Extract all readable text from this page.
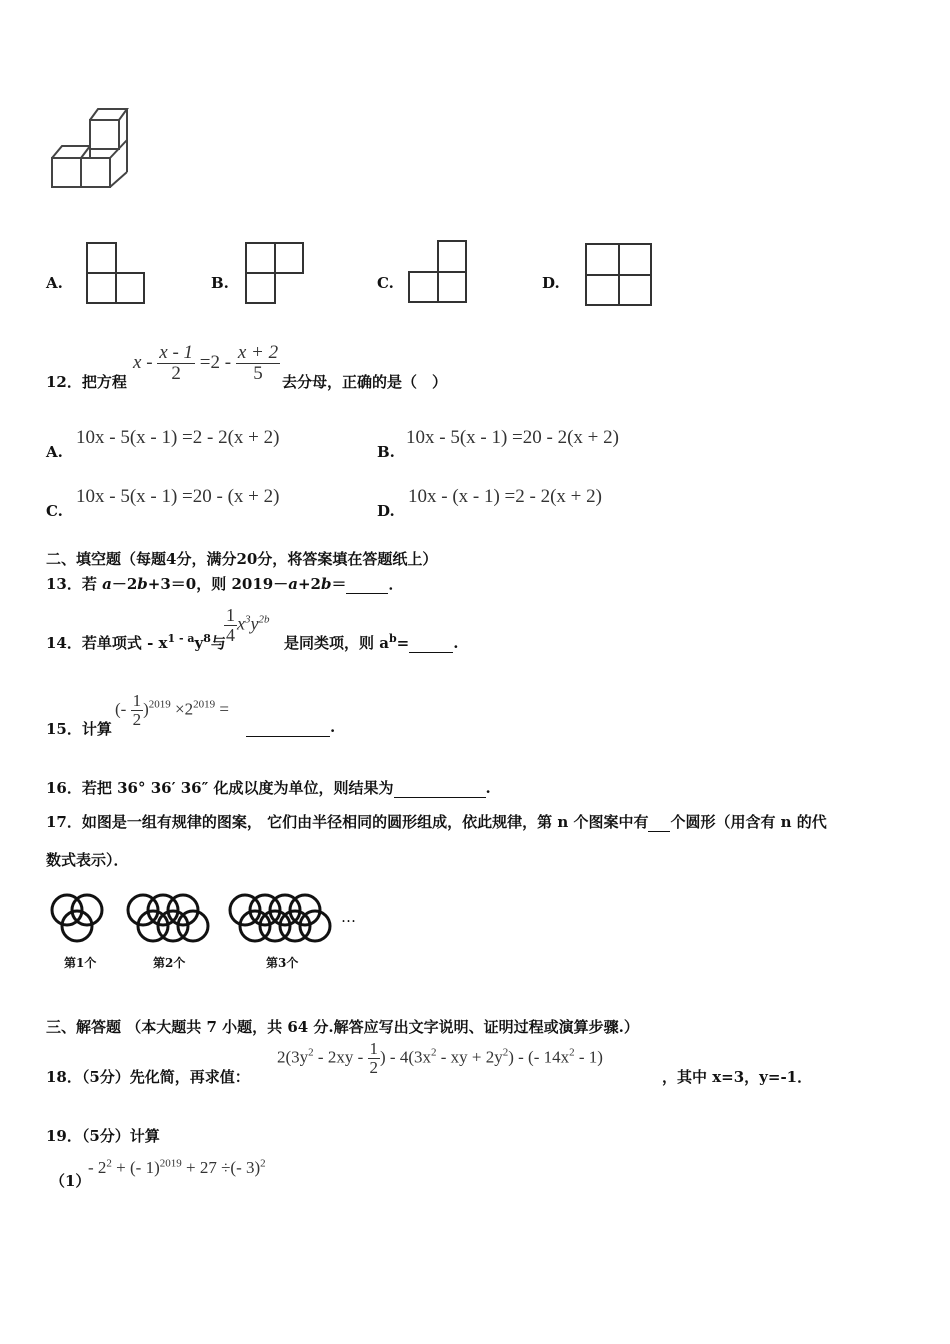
A.	B.	C.	D.
12．把方程
$x - \frac{x - 1}{2} =2 - \frac{x + 2}{5}$ 去分母，正确的是（　）
A.
10x - 5(x - 1) =2 - 2(x + 2)
B.
10x - 5(x - 1) =20 - 2(x + 2)
C.
10x - 5(x - 1) =20 - (x + 2)
D.
10x - (x - 1) =2 - 2(x + 2)
二、填空题（每题4分，满分20分，将答案填在答题纸上）
13．若 a－2b+3＝0，则 2019－a+2b＝	．
14．若单项式 - $x^{1 - a}y^8$与
$\frac{1}{4} x^3y^{2b}$
是同类项，则 $a^b=$	.
15．计算
(- $\frac{1}{2} )^{2019} \times 2^{2019}$ =
.
16．若把 36° 36′ 36″ 化成以度为单位，则结果为	.
17．如图是一组有规律的图案， 它们由半径相同的圆形组成，依此规律，第 n 个图案中有 个圆形（用含有 n 的代
数式表示）．
…
第1个	第2个	第3个
三、解答题 （本大题共 7 小题，共 64 分.解答应写出文字说明、证明过程或演算步骤.）
18．（5分）先化简，再求值：
$2(3y^2 - 2xy - \frac{1}{2}$ ) - $4(3x^2$ - xy + $2y^2$) - (- $14x^2 - 1$)
，其中 x=3，y=-1．
19．（5分）计算
（1）
- $2^2$ + (- 1)$^{2019}$ + 27 ÷(- 3)$^2$
